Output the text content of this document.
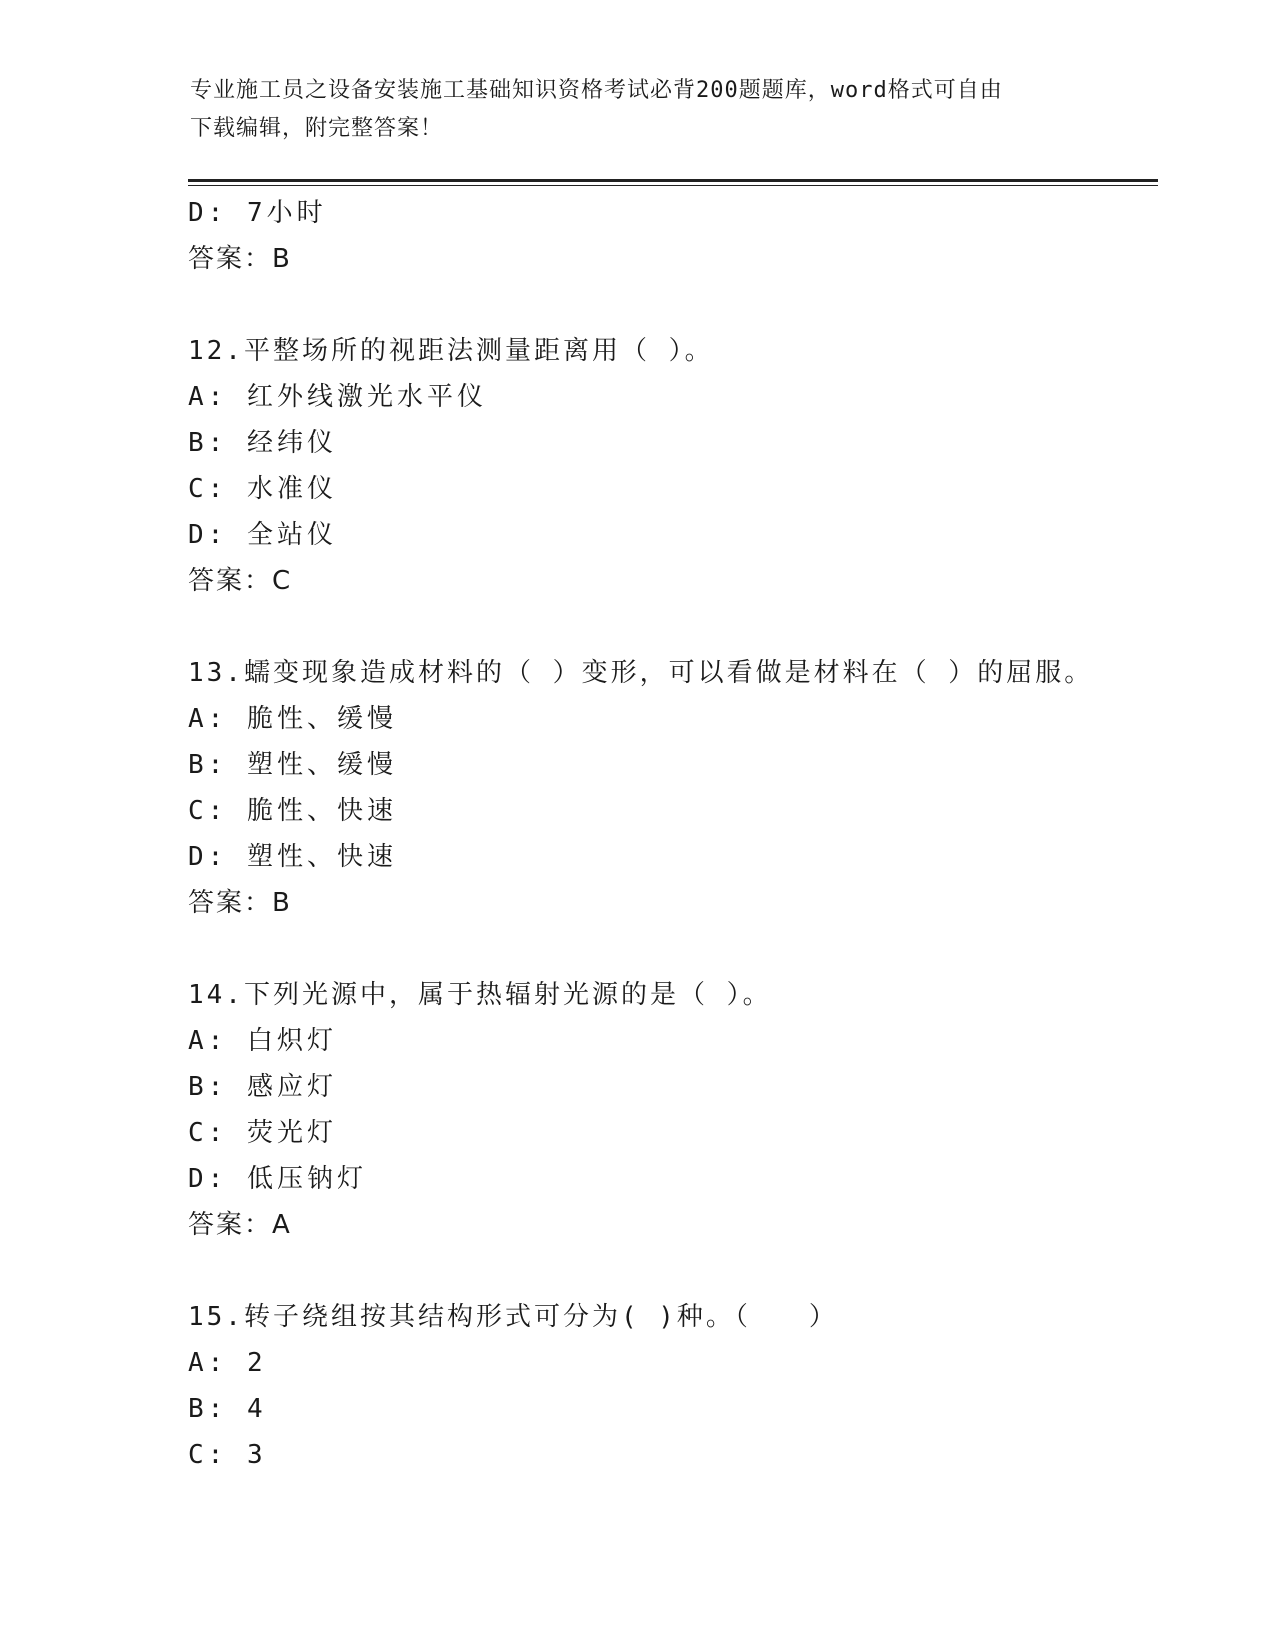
专业施工员之设备安装施工基础知识资格考试必背200题题库，word格式可自由
下载编辑，附完整答案！
D: 7小时
答案：B
12.平整场所的视距法测量距离用（ ）。
A: 红外线激光水平仪
B: 经纬仪
C: 水准仪
D: 全站仪
答案：C
13.蠕变现象造成材料的（ ）变形，可以看做是材料在（ ）的屈服。
A: 脆性、缓慢
B: 塑性、缓慢
C: 脆性、快速
D: 塑性、快速
答案：B
14.下列光源中，属于热辐射光源的是（ ）。
A: 白炽灯
B: 感应灯
C: 荧光灯
D: 低压钠灯
答案：A
15.转子绕组按其结构形式可分为( )种。（　　）
A: 2
B: 4
C: 3
